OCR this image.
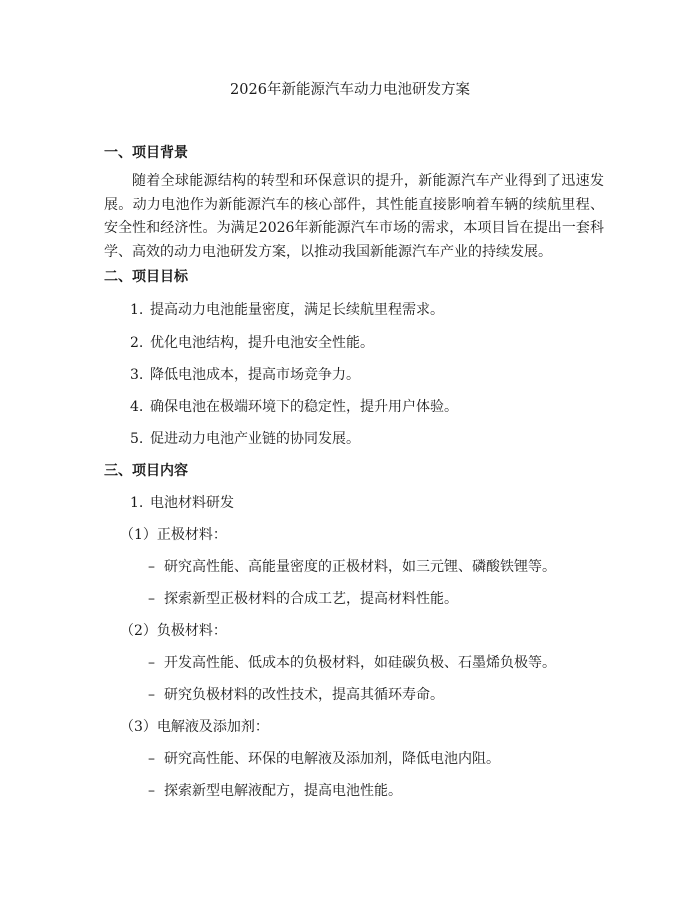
2026年新能源汽车动力电池研发方案
一、项目背景

随着全球能源结构的转型和环保意识的提升，新能源汽车产业得到了迅速发展。动力电池作为新能源汽车的核心部件，其性能直接影响着车辆的续航里程、安全性和经济性。为满足2026年新能源汽车市场的需求，本项目旨在提出一套科学、高效的动力电池研发方案，以推动我国新能源汽车产业的持续发展。

二、项目目标
1. 提高动力电池能量密度，满足长续航里程需求。
2. 优化电池结构，提升电池安全性能。
3. 降低电池成本，提高市场竞争力。
4. 确保电池在极端环境下的稳定性，提升用户体验。
5. 促进动力电池产业链的协同发展。
三、项目内容
1. 电池材料研发
（1）正极材料：
– 研究高性能、高能量密度的正极材料，如三元锂、磷酸铁锂等。
– 探索新型正极材料的合成工艺，提高材料性能。
（2）负极材料：
– 开发高性能、低成本的负极材料，如硅碳负极、石墨烯负极等。
– 研究负极材料的改性技术，提高其循环寿命。
（3）电解液及添加剂：
– 研究高性能、环保的电解液及添加剂，降低电池内阻。
– 探索新型电解液配方，提高电池性能。
